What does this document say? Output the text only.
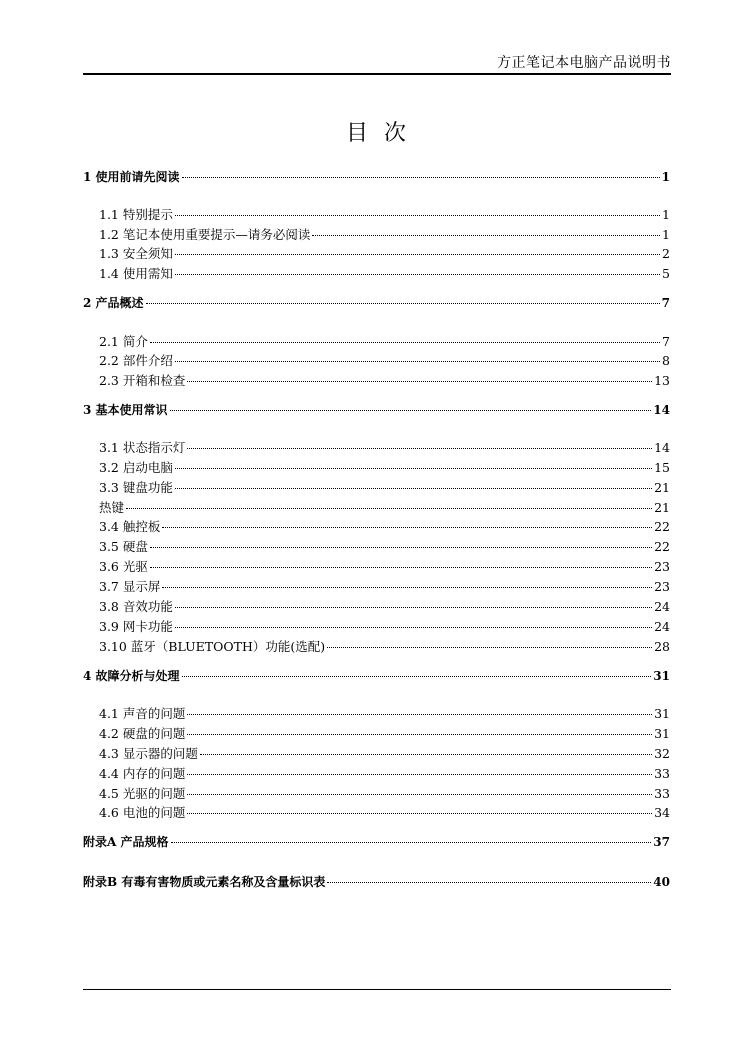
方正笔记本电脑产品说明书
目次
1 使用前请先阅读	1
1.1 特别提示	1
1.2 笔记本使用重要提示—请务必阅读	1
1.3 安全须知	2
1.4 使用需知	5
2 产品概述	7
2.1 简介	7
2.2 部件介绍	8
2.3 开箱和检查	13
3 基本使用常识	14
3.1 状态指示灯	14
3.2 启动电脑	15
3.3 键盘功能	21
热键	21
3.4 触控板	22
3.5 硬盘	22
3.6 光驱	23
3.7 显示屏	23
3.8 音效功能	24
3.9 网卡功能	24
3.10 蓝牙（BLUETOOTH）功能(选配)	28
4 故障分析与处理	31
4.1 声音的问题	31
4.2 硬盘的问题	31
4.3 显示器的问题	32
4.4 内存的问题	33
4.5 光驱的问题	33
4.6 电池的问题	34
附录A 产品规格	37
附录B 有毒有害物质或元素名称及含量标识表	40
